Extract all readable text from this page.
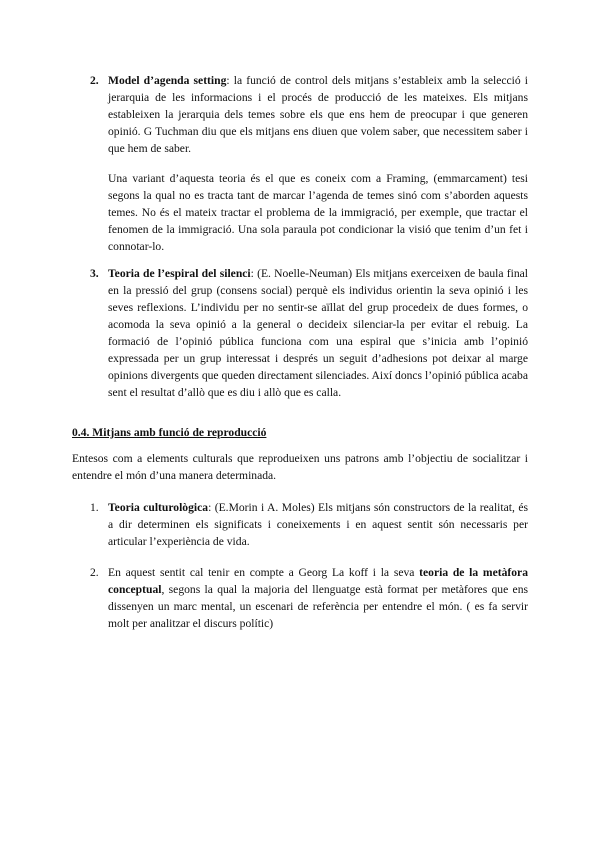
2. Model d’agenda setting: la funció de control dels mitjans s’estableix amb la selecció i jerarquia de les informacions i el procés de producció de les mateixes. Els mitjans estableixen la jerarquia dels temes sobre els que ens hem de preocupar i que generen opinió. G Tuchman diu que els mitjans ens diuen que volem saber, que necessitem saber i que hem de saber.
Una variant d’aquesta teoria és el que es coneix com a Framing, (emmarcament) tesi segons la qual no es tracta tant de marcar l’agenda de temes sinó com s’aborden aquests temes. No és el mateix tractar el problema de la immigració, per exemple, que tractar el fenomen de la immigració. Una sola paraula pot condicionar la visió que tenim d’un fet i connotar-lo.
3. Teoria de l’espiral del silenci: (E. Noelle-Neuman) Els mitjans exerceixen de baula final en la pressió del grup (consens social) perquè els individus orientin la seva opinió i les seves reflexions. L’individu per no sentir-se aïllat del grup procedeix de dues formes, o acomoda la seva opinió a la general o decideix silenciar-la per evitar el rebuig. La formació de l’opinió pública funciona com una espiral que s’inicia amb l’opinió expressada per un grup interessat i després un seguit d’adhesions pot deixar al marge opinions divergents que queden directament silenciades. Així doncs l’opinió pública acaba sent el resultat d’allò que es diu i allò que es calla.
0.4. Mitjans amb funció de reproducció
Entesos com a elements culturals que reprodueixen uns patrons amb l’objectiu de socialitzar i entendre el món d’una manera determinada.
1. Teoria culturològica: (E.Morin i A. Moles) Els mitjans són constructors de la realitat, és a dir determinen els significats i coneixements i en aquest sentit són necessaris per articular l’experiència de vida.
2. En aquest sentit cal tenir en compte a Georg La koff i la seva teoria de la metàfora conceptual, segons la qual la majoria del llenguatge està format per metàfores que ens dissenyen un marc mental, un escenari de referència per entendre el món. ( es fa servir molt per analitzar el discurs polític)
